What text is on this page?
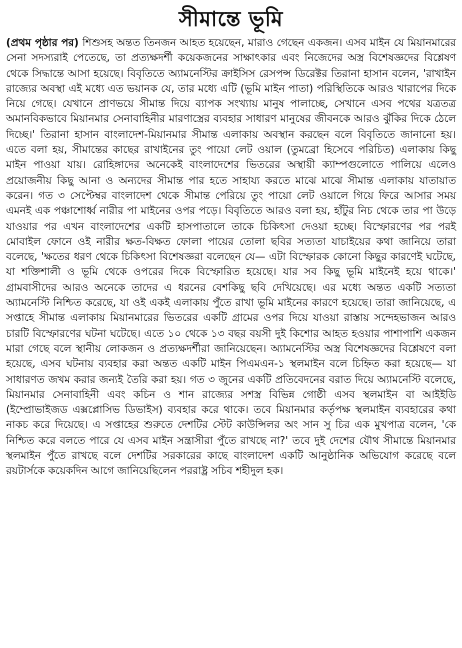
সীমান্তে ভূমি

(প্রথম পৃষ্ঠার পর) শিশুসহ অন্তত তিনজন আহত হয়েছেন, মারাও গেছেন একজন। এসব মাইন যে মিয়ানমারের সেনা সদস্যরাই পেতেছে, তা প্রত্যক্ষদর্শী কয়েকজনের সাক্ষাৎকার এবং নিজেদের অস্ত্র বিশেষজ্ঞদের বিশ্লেষণ থেকে সিদ্ধান্তে আসা হয়েছে। বিবৃতিতে অ্যামনেস্টির ক্রাইসিস রেসপন্স ডিরেক্টর তিরানা হাসান বলেন, 'রাখাইন রাজ্যের অবস্থা এই মধ্যে এত ভয়ানক যে, তার মধ্যে এটি (ভূমি মাইন পাতা) পরিস্থিতিকে আরও খারাপের দিকে নিয়ে গেছে। যেখানে প্রাণভয়ে সীমান্ত দিয়ে ব্যাপক সংখ্যায় মানুষ পালাচ্ছে, সেখানে এসব পথের যত্রতত্র অমানবিকভাবে মিয়ানমার সেনাবাহিনীর মারণাস্ত্রের ব্যবহার সাধারণ মানুষের জীবনকে আরও ঝুঁকির দিকে ঠেলে দিচ্ছে।' তিরানা হাসান বাংলাদেশ-মিয়ানমার সীমান্ত এলাকায় অবস্থান করছেন বলে বিবৃতিতে জানানো হয়। এতে বলা হয়, সীমান্তের কাছের রাখাইনের তুং পায়ো লেট ওয়াল (তুমব্রো হিসেবে পরিচিত) এলাকায় কিছু মাইন পাওয়া যায়। রোহিঙ্গাদের অনেকেই বাংলাদেশের ভিতরের অস্থায়ী ক্যাম্পগুলোতে পালিয়ে এলেও প্রয়োজনীয় কিছু আনা ও অন্যদের সীমান্ত পার হতে সাহায্য করতে মাঝে মাঝে সীমান্ত এলাকায় যাতায়াত করেন। গত ৩ সেপ্টেম্বর বাংলাদেশ থেকে সীমান্ত পেরিয়ে তুং পায়ো লেট ওয়ালে গিয়ে ফিরে আসার সময় এমনই এক পঞ্চাশোর্ধ্ব নারীর পা মাইনের ওপর পড়ে। বিবৃতিতে আরও বলা হয়, হাঁটুর নিচ থেকে তার পা উড়ে যাওয়ার পর এখন বাংলাদেশের একটি হাসপাতালে তাকে চিকিৎসা দেওয়া হচ্ছে। বিস্ফোরণের পর পরই মোবাইল ফোনে ওই নারীর ক্ষত-বিক্ষত ফোলা পায়ের তোলা ছবির সত্যতা যাচাইয়ের কথা জানিয়ে তারা বলেছে, 'ক্ষতের ধরণ থেকে চিকিৎসা বিশেষজ্ঞরা বলেছেন যে— এটা বিস্ফোরক কোনো কিছুর কারণেই ঘটেছে, যা শক্তিশালী ও ভূমি থেকে ওপরের দিকে বিস্ফোরিত হয়েছে। যার সব কিছু ভূমি মাইনেই হয়ে থাকে।' গ্রামবাসীদের আরও অনেকে তাদের এ ধরনের বেশকিছু ছবি দেখিয়েছে। এর মধ্যে অন্তত একটি সত্যতা অ্যামনেস্টি নিশ্চিত করেছে, যা ওই একই এলাকায় পুঁতে রাখা ভূমি মাইনের কারণে হয়েছে। তারা জানিয়েছে, এ সপ্তাহে সীমান্ত এলাকায় মিয়ানমারের ভিতরের একটি গ্রামের ওপর দিয়ে যাওয়া রাস্তায় সন্দেহভাজন আরও চারটি বিস্ফোরণের ঘটনা ঘটেছে। এতে ১০ থেকে ১৩ বছর বয়সী দুই কিশোর আহত হওয়ার পাশাপাশি একজন মারা গেছে বলে স্থানীয় লোকজন ও প্রত্যক্ষদর্শীরা জানিয়েছেন। অ্যামনেস্টির অস্ত্র বিশেষজ্ঞদের বিশ্লেষণে বলা হয়েছে, এসব ঘটনায় ব্যবহার করা অন্তত একটি মাইন পিএমএন-১ স্থলমাইন বলে চিহ্নিত করা হয়েছে— যা সাধারণত জখম করার জন্যই তৈরি করা হয়। গত ৩ জুনের একটি প্রতিবেদনের বরাত দিয়ে অ্যামনেস্টি বলেছে, মিয়ানমার সেনাবাহিনী এবং কচিন ও শান রাজ্যের সশস্ত্র বিভিন্ন গোষ্ঠী এসব স্থলমাইন বা আইইডি (ইম্প্রোভাইজড এক্সপ্লোসিভ ডিভাইস) ব্যবহার করে থাকে। তবে মিয়ানমার কর্তৃপক্ষ স্থলমাইন ব্যবহারের কথা নাকচ করে দিয়েছে। এ সপ্তাহের শুরুতে দেশটির স্টেট কাউন্সিলর অং সান সু চির এক মুখপাত্র বলেন, 'কে নিশ্চিত করে বলতে পারে যে এসব মাইন সন্ত্রাসীরা পুঁতে রাখছে না?' তবে দুই দেশের যৌথ সীমান্তে মিয়ানমার স্থলমাইন পুঁতে রাখছে বলে দেশটির সরকারের কাছে বাংলাদেশ একটি আনুষ্ঠানিক অভিযোগ করেছে বলে রয়টার্সকে কয়েকদিন আগে জানিয়েছিলেন পররাষ্ট্র সচিব শহীদুল হক।
